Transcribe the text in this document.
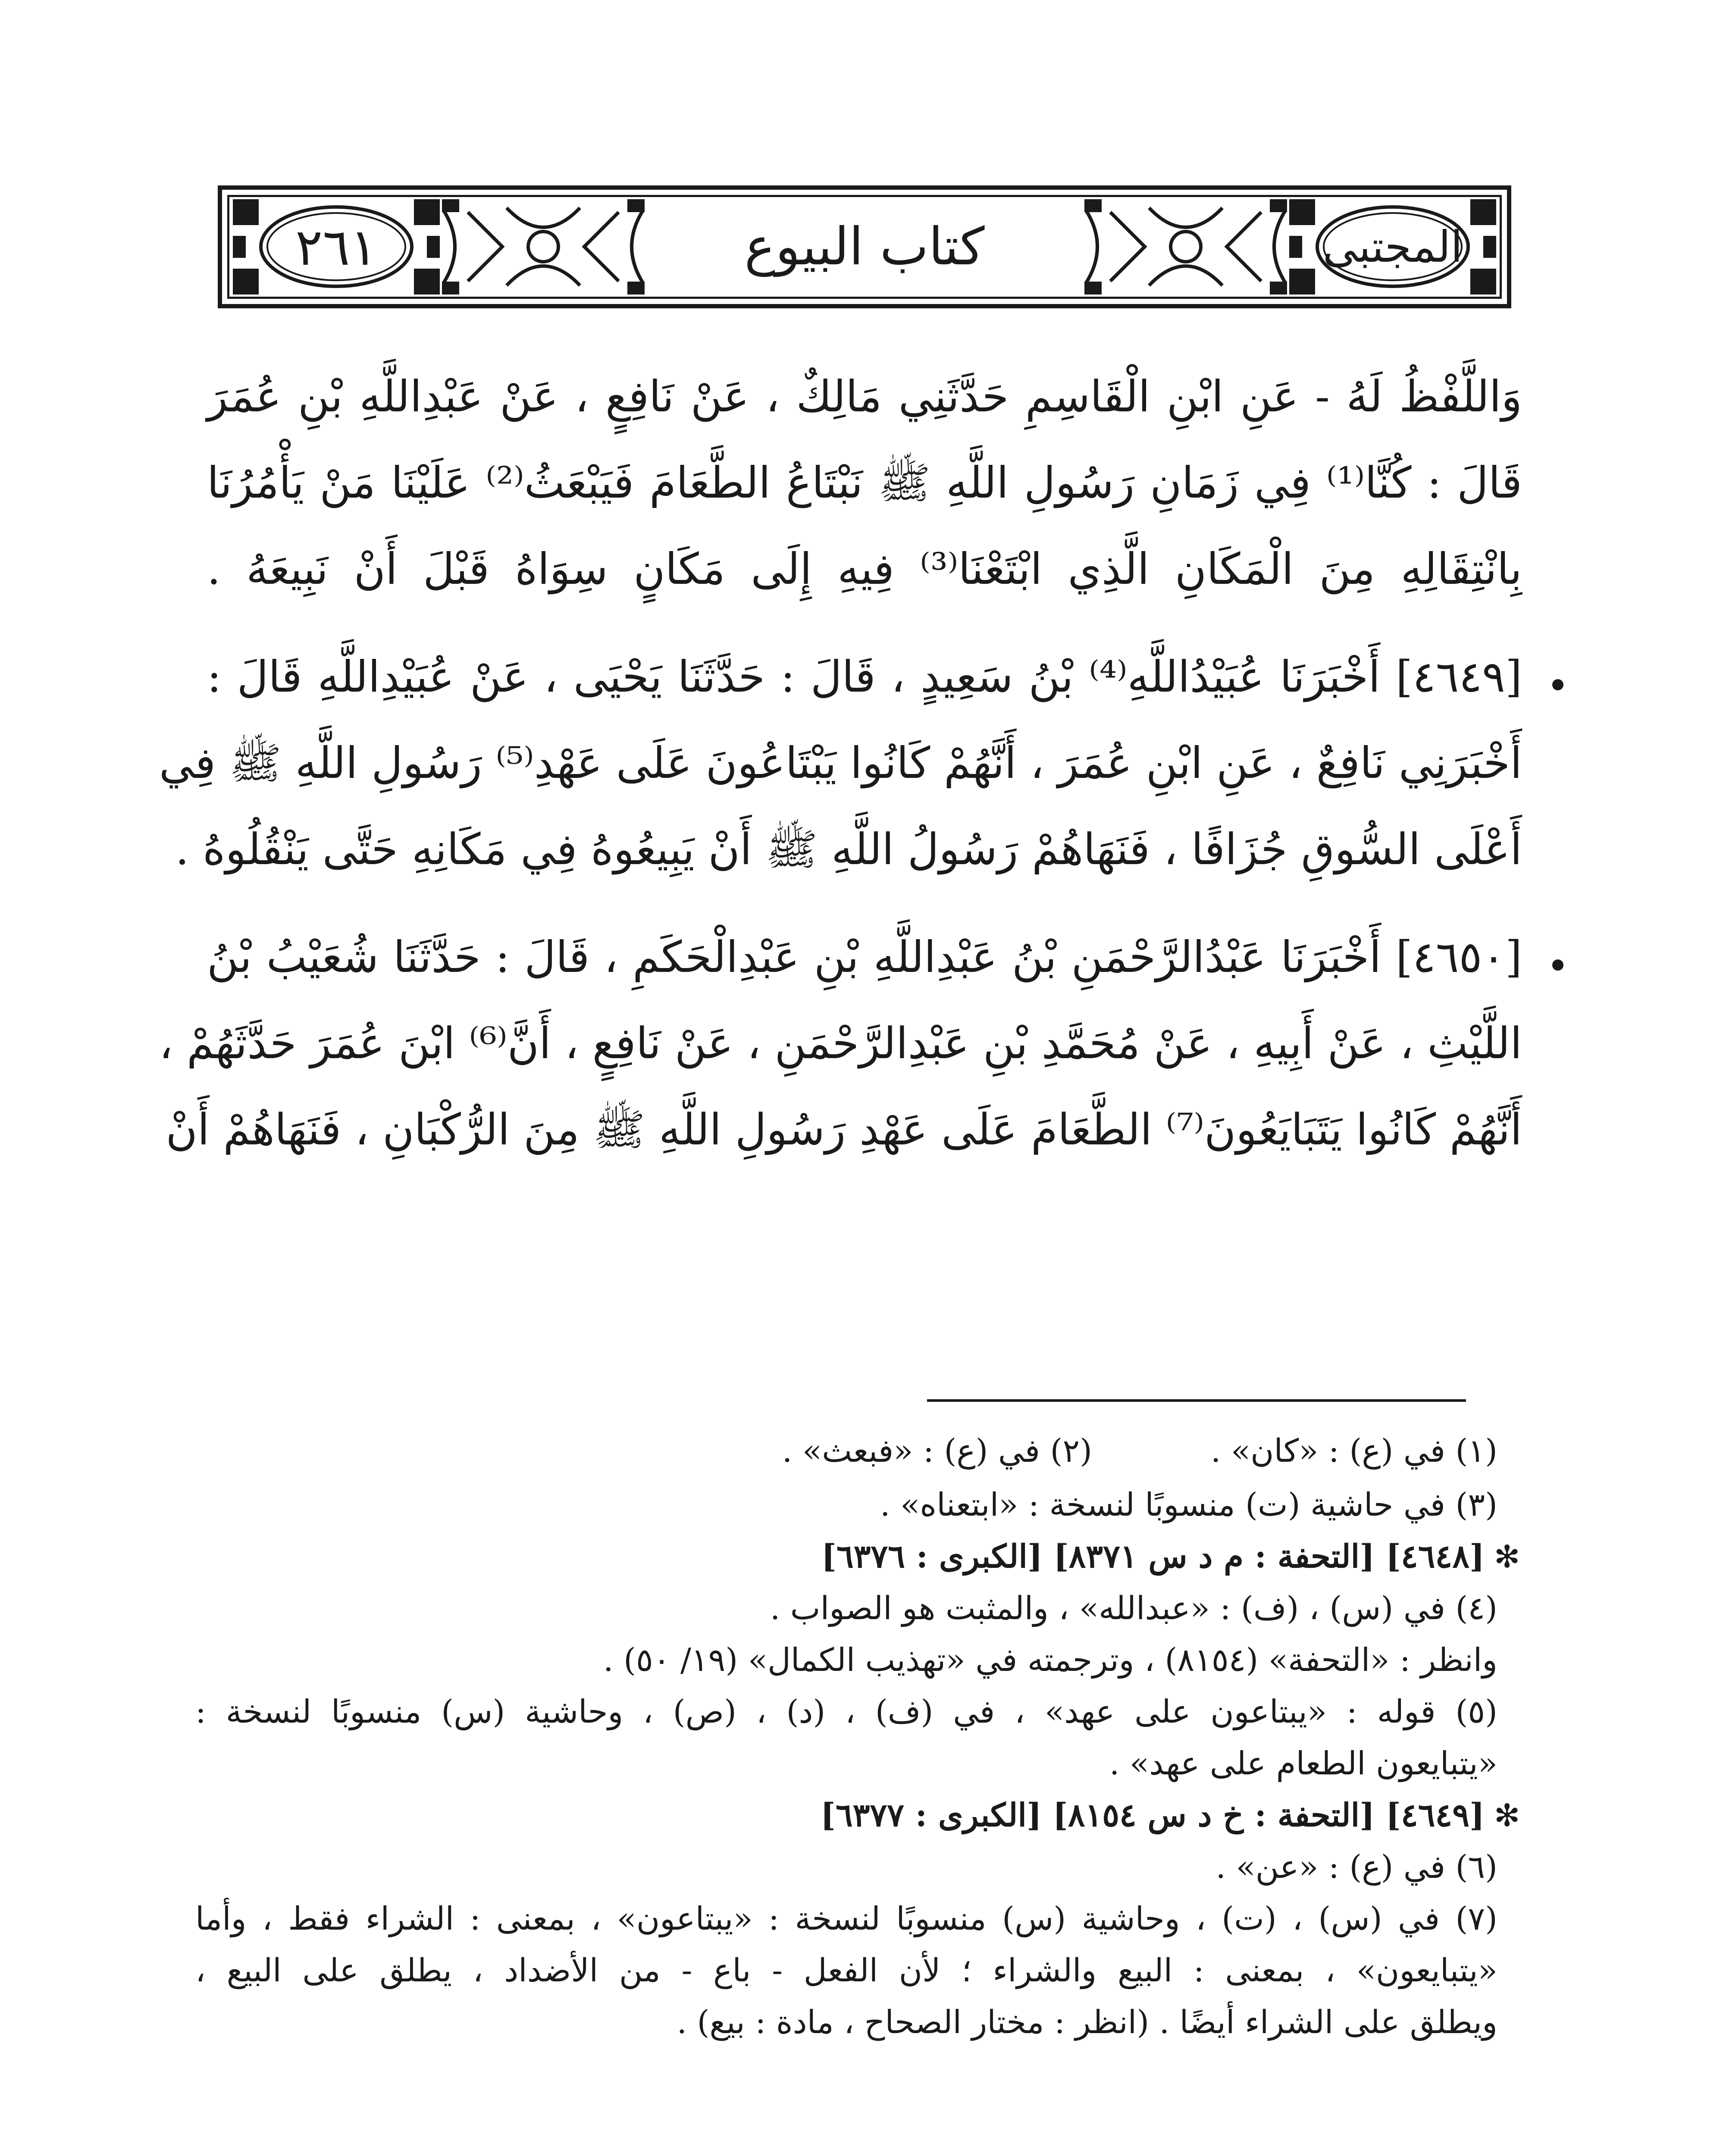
٢٦١	كتاب البيوع	المجتبى
وَاللَّفْظُ لَهُ - عَنِ ابْنِ الْقَاسِمِ حَدَّثَنِي مَالِكٌ ، عَنْ نَافِعٍ ، عَنْ عَبْدِاللَّهِ بْنِ عُمَرَ
قَالَ : كُنَّا⁽¹⁾ فِي زَمَانِ رَسُولِ اللَّهِ ﷺ نَبْتَاعُ الطَّعَامَ فَيَبْعَثُ⁽²⁾ عَلَيْنَا مَنْ يَأْمُرُنَا
بِانْتِقَالِهِ مِنَ الْمَكَانِ الَّذِي ابْتَعْنَا⁽³⁾ فِيهِ إِلَى مَكَانٍ سِوَاهُ قَبْلَ أَنْ نَبِيعَهُ .
[٤٦٤٩] أَخْبَرَنَا عُبَيْدُاللَّهِ⁽⁴⁾ بْنُ سَعِيدٍ ، قَالَ : حَدَّثَنَا يَحْيَى ، عَنْ عُبَيْدِاللَّهِ قَالَ :
أَخْبَرَنِي نَافِعٌ ، عَنِ ابْنِ عُمَرَ ، أَنَّهُمْ كَانُوا يَبْتَاعُونَ عَلَى عَهْدِ⁽⁵⁾ رَسُولِ اللَّهِ ﷺ فِي
أَعْلَى السُّوقِ جُزَافًا ، فَنَهَاهُمْ رَسُولُ اللَّهِ ﷺ أَنْ يَبِيعُوهُ فِي مَكَانِهِ حَتَّى يَنْقُلُوهُ .
[٤٦٥٠] أَخْبَرَنَا عَبْدُالرَّحْمَنِ بْنُ عَبْدِاللَّهِ بْنِ عَبْدِالْحَكَمِ ، قَالَ : حَدَّثَنَا شُعَيْبُ بْنُ
اللَّيْثِ ، عَنْ أَبِيهِ ، عَنْ مُحَمَّدِ بْنِ عَبْدِالرَّحْمَنِ ، عَنْ نَافِعٍ ، أَنَّ⁽⁶⁾ ابْنَ عُمَرَ حَدَّثَهُمْ ،
أَنَّهُمْ كَانُوا يَتَبَايَعُونَ⁽⁷⁾ الطَّعَامَ عَلَى عَهْدِ رَسُولِ اللَّهِ ﷺ مِنَ الرُّكْبَانِ ، فَنَهَاهُمْ أَنْ
(٢) في (ع) : «فبعث» .	(١) في (ع) : «كان» .
(٣) في حاشية (ت) منسوبًا لنسخة : «ابتعناه» .
✻
[٤٦٤٨] [التحفة : م د س ٨٣٧١] [الكبرى : ٦٣٧٦]
(٤) في (س) ، (ف) : «عبدالله» ، والمثبت هو الصواب .
وانظر : «التحفة» (٨١٥٤) ، وترجمته في «تهذيب الكمال» (١٩/ ٥٠) .
(٥) قوله : «يبتاعون على عهد» ، في (ف) ، (د) ، (ص) ، وحاشية (س) منسوبًا لنسخة :
«يتبايعون الطعام على عهد» .
✻
[٤٦٤٩] [التحفة : خ د س ٨١٥٤] [الكبرى : ٦٣٧٧]
(٦) في (ع) : «عن» .
(٧) في (س) ، (ت) ، وحاشية (س) منسوبًا لنسخة : «يبتاعون» ، بمعنى : الشراء فقط ، وأما
«يتبايعون» ، بمعنى : البيع والشراء ؛ لأن الفعل - باع - من الأضداد ، يطلق على البيع ،
ويطلق على الشراء أيضًا . (انظر : مختار الصحاح ، مادة : بيع) .
